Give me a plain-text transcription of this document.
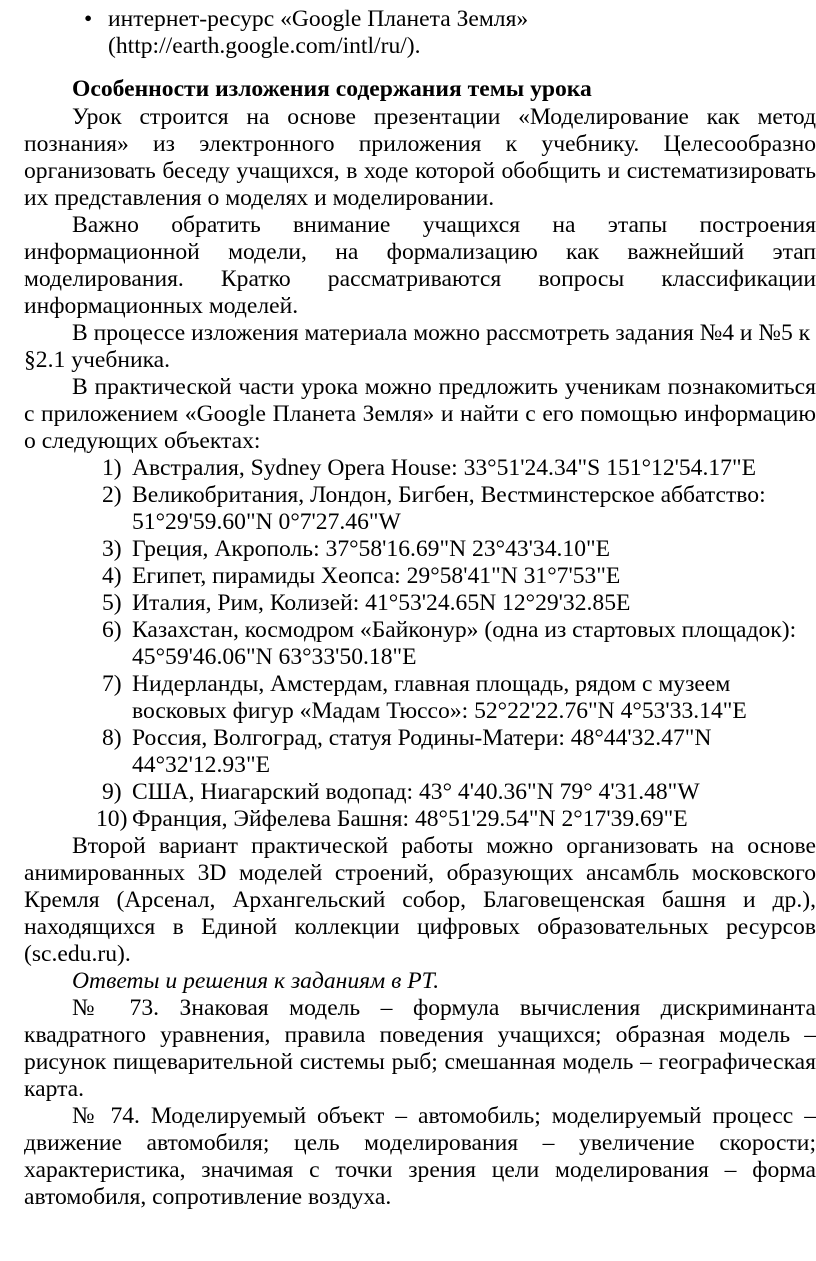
• интернет-ресурс «Google Планета Земля»
(http://earth.google.com/intl/ru/).

Особенности изложения содержания темы урока

Урок строится на основе презентации «Моделирование как метод познания» из электронного приложения к учебнику. Целесообразно организовать беседу учащихся, в ходе которой обобщить и систематизировать их представления о моделях и моделировании.

Важно обратить внимание учащихся на этапы построения информационной модели, на формализацию как важнейший этап моделирования. Кратко рассматриваются вопросы классификации информационных моделей.

В процессе изложения материала можно рассмотреть задания №4 и №5 к §2.1 учебника.

В практической части урока можно предложить ученикам познакомиться с приложением «Google Планета Земля» и найти с его помощью информацию о следующих объектах:

1) Австралия, Sydney Opera House: 33°51'24.34"S 151°12'54.17"E
2) Великобритания, Лондон, Бигбен, Вестминстерское аббатство: 51°29'59.60"N 0°7'27.46"W
3) Греция, Акрополь: 37°58'16.69"N 23°43'34.10"E
4) Египет, пирамиды Хеопса: 29°58'41"N 31°7'53"E
5) Италия, Рим, Колизей: 41°53'24.65N 12°29'32.85E
6) Казахстан, космодром «Байконур» (одна из стартовых площадок): 45°59'46.06"N 63°33'50.18"E
7) Нидерланды, Амстердам, главная площадь, рядом с музеем восковых фигур «Мадам Тюссо»: 52°22'22.76"N 4°53'33.14"E
8) Россия, Волгоград, статуя Родины-Матери: 48°44'32.47"N 44°32'12.93"E
9) США, Ниагарский водопад: 43° 4'40.36"N 79° 4'31.48"W
10) Франция, Эйфелева Башня: 48°51'29.54"N 2°17'39.69"E

Второй вариант практической работы можно организовать на основе анимированных 3D моделей строений, образующих ансамбль московского Кремля (Арсенал, Архангельский собор, Благовещенская башня и др.), находящихся в Единой коллекции цифровых образовательных ресурсов (sc.edu.ru).

Ответы и решения к заданиям в РТ.

№ 73. Знаковая модель – формула вычисления дискриминанта квадратного уравнения, правила поведения учащихся; образная модель – рисунок пищеварительной системы рыб; смешанная модель – географическая карта.

№ 74. Моделируемый объект – автомобиль; моделируемый процесс – движение автомобиля; цель моделирования – увеличение скорости; характеристика, значимая с точки зрения цели моделирования – форма автомобиля, сопротивление воздуха.
